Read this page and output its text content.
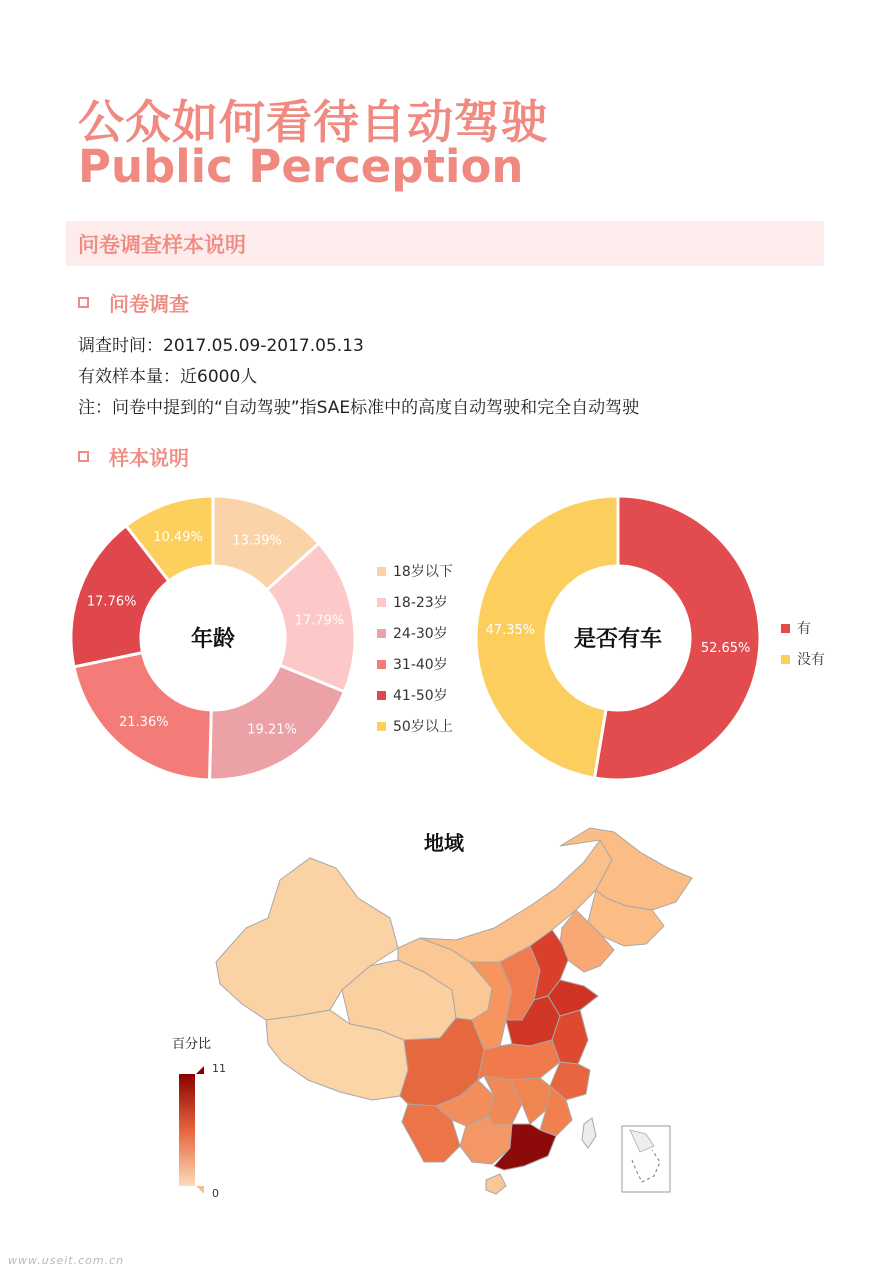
公众如何看待自动驾驶
Public Perception
问卷调查样本说明
问卷调查
调查时间：2017.05.09-2017.05.13
有效样本量：近6000人
注：问卷中提到的“自动驾驶”指SAE标准中的高度自动驾驶和完全自动驾驶
样本说明
13.39%
17.79%
19.21%
21.36%
17.76%
10.49%
18岁以下
18-23岁
24-30岁
31-40岁
41-50岁
50岁以上
年龄	52.65%
47.35%	有
没有
是否有车
地域
百分比
11
0
www.useit.com.cn
